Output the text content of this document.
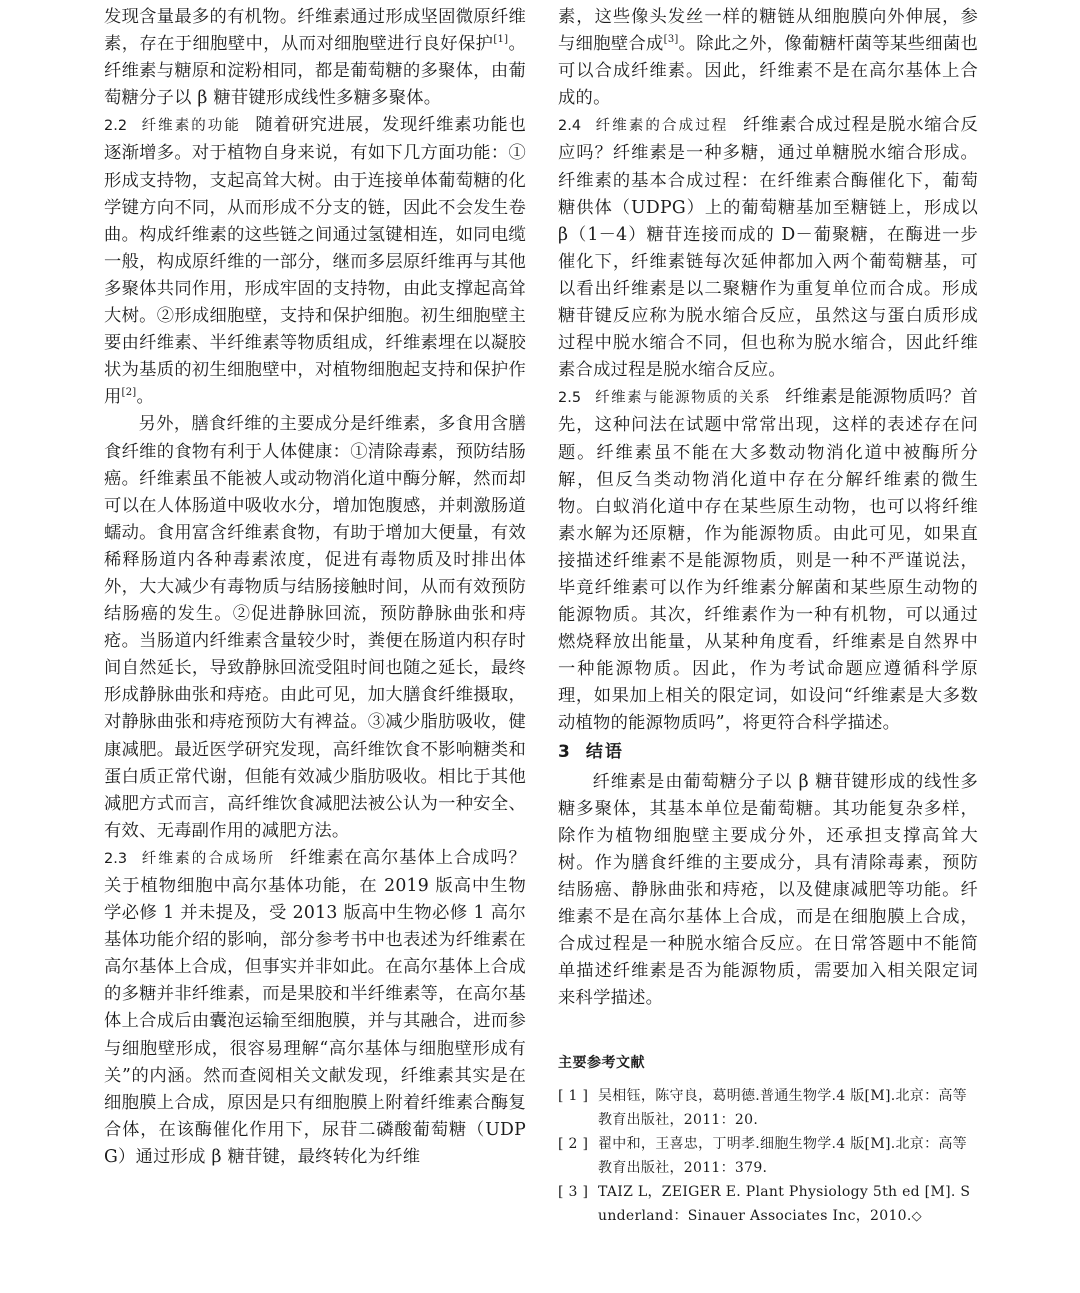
发现含量最多的有机物。纤维素通过形成坚固微原纤维素，存在于细胞壁中，从而对细胞壁进行良好保护[1]。纤维素与糖原和淀粉相同，都是葡萄糖的多聚体，由葡萄糖分子以 β 糖苷键形成线性多糖多聚体。

2.2 纤维素的功能 随着研究进展，发现纤维素功能也逐渐增多。对于植物自身来说，有如下几方面功能：①形成支持物，支起高耸大树。由于连接单体葡萄糖的化学键方向不同，从而形成不分支的链，因此不会发生卷曲。构成纤维素的这些链之间通过氢键相连，如同电缆一般，构成原纤维的一部分，继而多层原纤维再与其他多聚体共同作用，形成牢固的支持物，由此支撑起高耸大树。②形成细胞壁，支持和保护细胞。初生细胞壁主要由纤维素、半纤维素等物质组成，纤维素埋在以凝胶状为基质的初生细胞壁中，对植物细胞起支持和保护作用[2]。

另外，膳食纤维的主要成分是纤维素，多食用含膳食纤维的食物有利于人体健康：①清除毒素，预防结肠癌。纤维素虽不能被人或动物消化道中酶分解，然而却可以在人体肠道中吸收水分，增加饱腹感，并刺激肠道蠕动。食用富含纤维素食物，有助于增加大便量，有效稀释肠道内各种毒素浓度，促进有毒物质及时排出体外，大大减少有毒物质与结肠接触时间，从而有效预防结肠癌的发生。②促进静脉回流，预防静脉曲张和痔疮。当肠道内纤维素含量较少时，粪便在肠道内积存时间自然延长，导致静脉回流受阻时间也随之延长，最终形成静脉曲张和痔疮。由此可见，加大膳食纤维摄取，对静脉曲张和痔疮预防大有裨益。③减少脂肪吸收，健康减肥。最近医学研究发现，高纤维饮食不影响糖类和蛋白质正常代谢，但能有效减少脂肪吸收。相比于其他减肥方式而言，高纤维饮食减肥法被公认为一种安全、有效、无毒副作用的减肥方法。

2.3 纤维素的合成场所 纤维素在高尔基体上合成吗？关于植物细胞中高尔基体功能，在 2019 版高中生物学必修 1 并未提及，受 2013 版高中生物必修 1 高尔基体功能介绍的影响，部分参考书中也表述为纤维素在高尔基体上合成，但事实并非如此。在高尔基体上合成的多糖并非纤维素，而是果胶和半纤维素等，在高尔基体上合成后由囊泡运输至细胞膜，并与其融合，进而参与细胞壁形成，很容易理解“高尔基体与细胞壁形成有关”的内涵。然而查阅相关文献发现，纤维素其实是在细胞膜上合成，原因是只有细胞膜上附着纤维素合酶复合体，在该酶催化作用下，尿苷二磷酸葡萄糖（UDPG）通过形成 β 糖苷键，最终转化为纤维

素，这些像头发丝一样的糖链从细胞膜向外伸展，参与细胞壁合成[3]。除此之外，像葡糖杆菌等某些细菌也可以合成纤维素。因此，纤维素不是在高尔基体上合成的。

2.4 纤维素的合成过程 纤维素合成过程是脱水缩合反应吗？纤维素是一种多糖，通过单糖脱水缩合形成。纤维素的基本合成过程：在纤维素合酶催化下，葡萄糖供体（UDPG）上的葡萄糖基加至糖链上，形成以 β（1－4）糖苷连接而成的 D－葡聚糖，在酶进一步催化下，纤维素链每次延伸都加入两个葡萄糖基，可以看出纤维素是以二聚糖作为重复单位而合成。形成糖苷键反应称为脱水缩合反应，虽然这与蛋白质形成过程中脱水缩合不同，但也称为脱水缩合，因此纤维素合成过程是脱水缩合反应。

2.5 纤维素与能源物质的关系 纤维素是能源物质吗？首先，这种问法在试题中常常出现，这样的表述存在问题。纤维素虽不能在大多数动物消化道中被酶所分解，但反刍类动物消化道中存在分解纤维素的微生物。白蚁消化道中存在某些原生动物，也可以将纤维素水解为还原糖，作为能源物质。由此可见，如果直接描述纤维素不是能源物质，则是一种不严谨说法，毕竟纤维素可以作为纤维素分解菌和某些原生动物的能源物质。其次，纤维素作为一种有机物，可以通过燃烧释放出能量，从某种角度看，纤维素是自然界中一种能源物质。因此，作为考试命题应遵循科学原理，如果加上相关的限定词，如设问“纤维素是大多数动植物的能源物质吗”，将更符合科学描述。

3 结语

纤维素是由葡萄糖分子以 β 糖苷键形成的线性多糖多聚体，其基本单位是葡萄糖。其功能复杂多样，除作为植物细胞壁主要成分外，还承担支撑高耸大树。作为膳食纤维的主要成分，具有清除毒素，预防结肠癌、静脉曲张和痔疮，以及健康减肥等功能。纤维素不是在高尔基体上合成，而是在细胞膜上合成，合成过程是一种脱水缩合反应。在日常答题中不能简单描述纤维素是否为能源物质，需要加入相关限定词来科学描述。

主要参考文献

[ 1 ] 吴相钰，陈守良，葛明德.普通生物学.4 版[M].北京：高等教育出版社，2011：20.

[ 2 ] 翟中和，王喜忠，丁明孝.细胞生物学.4 版[M].北京：高等教育出版社，2011：379.

[ 3 ] TAIZ L，ZEIGER E. Plant Physiology 5th ed [M]. Sunderland：Sinauer Associates Inc，2010.◇
